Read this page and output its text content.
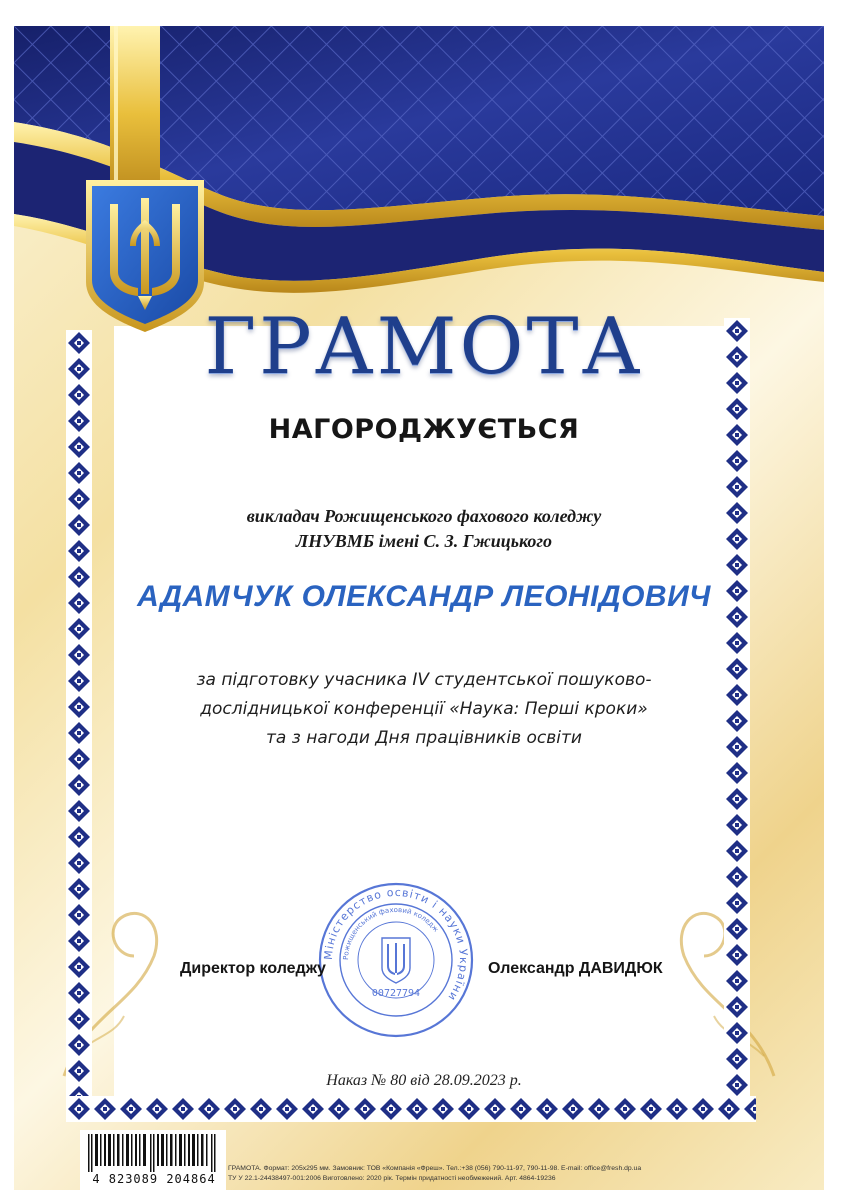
ГРАМОТА
НАГОРОДЖУЄТЬСЯ
викладач Рожищенського фахового коледжу
ЛНУВМБ імені С. З. Гжицького
АДАМЧУК ОЛЕКСАНДР ЛЕОНІДОВИЧ
за підготовку учасника IV студентської пошуково-
дослідницької конференції «Наука: Перші кроки»
та з нагоди Дня працівників освіти
Міністерство освіти і науки України
Рожищенський фаховий коледж
00727794
Директор коледжу	Олександр ДАВИДЮК
Наказ № 80 від 28.09.2023 р.
4 823089 204864
ГРАМОТА. Формат: 205x295 мм. Замовник: ТОВ «Компанія «Фреш». Тел.:+38 (056) 790-11-97, 790-11-98. E-mail: office@fresh.dp.ua
ТУ У 22.1-24438497-001:2006 Виготовлено: 2020 рік. Термін придатності необмежений. Арт. 4864-19236
